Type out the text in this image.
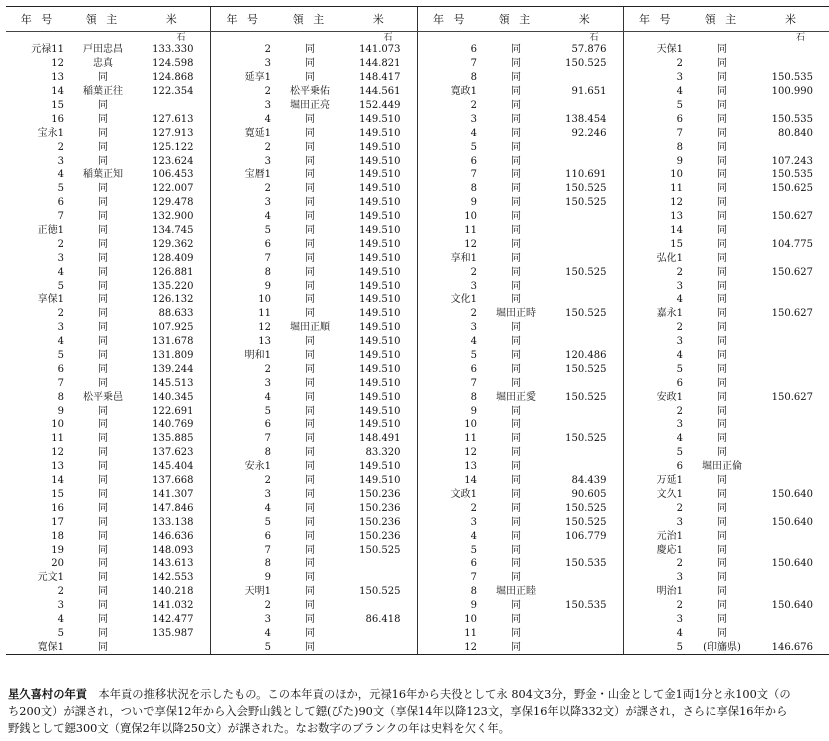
年 号	領 主	米	年 号	領 主	米	年 号	領 主	米	年 号	領 主	米
		石			石			石			石
元禄11	戸田忠昌	133.330	2	同	141.073	6	同	57.876	天保1	同	
12	忠真	124.598	3	同	144.821	7	同	150.525	2	同	
13	同	124.868	延享1	同	148.417	8	同		3	同	150.535
14	稲葉正往	122.354	2	松平乗佑	144.561	寛政1	同	91.651	4	同	100.990
15	同		3	堀田正亮	152.449	2	同		5	同	
16	同	127.613	4	同	149.510	3	同	138.454	6	同	150.535
宝永1	同	127.913	寛延1	同	149.510	4	同	92.246	7	同	80.840
2	同	125.122	2	同	149.510	5	同		8	同	
3	同	123.624	3	同	149.510	6	同		9	同	107.243
4	稲葉正知	106.453	宝暦1	同	149.510	7	同	110.691	10	同	150.535
5	同	122.007	2	同	149.510	8	同	150.525	11	同	150.625
6	同	129.478	3	同	149.510	9	同	150.525	12	同	
7	同	132.900	4	同	149.510	10	同		13	同	150.627
正徳1	同	134.745	5	同	149.510	11	同		14	同	
2	同	129.362	6	同	149.510	12	同		15	同	104.775
3	同	128.409	7	同	149.510	享和1	同		弘化1	同	
4	同	126.881	8	同	149.510	2	同	150.525	2	同	150.627
5	同	135.220	9	同	149.510	3	同		3	同	
享保1	同	126.132	10	同	149.510	文化1	同		4	同	
2	同	88.633	11	同	149.510	2	堀田正時	150.525	嘉永1	同	150.627
3	同	107.925	12	堀田正順	149.510	3	同		2	同	
4	同	131.678	13	同	149.510	4	同		3	同	
5	同	131.809	明和1	同	149.510	5	同	120.486	4	同	
6	同	139.244	2	同	149.510	6	同	150.525	5	同	
7	同	145.513	3	同	149.510	7	同		6	同	
8	松平乗邑	140.345	4	同	149.510	8	堀田正愛	150.525	安政1	同	150.627
9	同	122.691	5	同	149.510	9	同		2	同	
10	同	140.769	6	同	149.510	10	同		3	同	
11	同	135.885	7	同	148.491	11	同	150.525	4	同	
12	同	137.623	8	同	83.320	12	同		5	同	
13	同	145.404	安永1	同	149.510	13	同		6	堀田正倫	
14	同	137.668	2	同	149.510	14	同	84.439	万延1	同	
15	同	141.307	3	同	150.236	文政1	同	90.605	文久1	同	150.640
16	同	147.846	4	同	150.236	2	同	150.525	2	同	
17	同	133.138	5	同	150.236	3	同	150.525	3	同	150.640
18	同	146.636	6	同	150.236	4	同	106.779	元治1	同	
19	同	148.093	7	同	150.525	5	同		慶応1	同	
20	同	143.613	8	同		6	同	150.535	2	同	150.640
元文1	同	142.553	9	同		7	同		3	同	
2	同	140.218	天明1	同	150.525	8	堀田正睦		明治1	同	
3	同	141.032	2	同		9	同	150.535	2	同	150.640
4	同	142.477	3	同	86.418	10	同		3	同	
5	同	135.987	4	同		11	同		4	同	
寛保1	同		5	同		12	同		5	(印旛県)	146.676
星久喜村の年貢　 本年貢の推移状況を示したもの。この本年貢のほか，元禄16年から夫役として永 804文3分，野金・山金として金1両1分と永100文（のち200文）が課され，ついで享保12年から入会野山銭として鐚(びた)90文（享保14年以降123文，享保16年以降332文）が課され，さらに享保16年から野銭として鐚300文（寛保2年以降250文）が課された。なお数字のブランクの年は史料を欠く年。
